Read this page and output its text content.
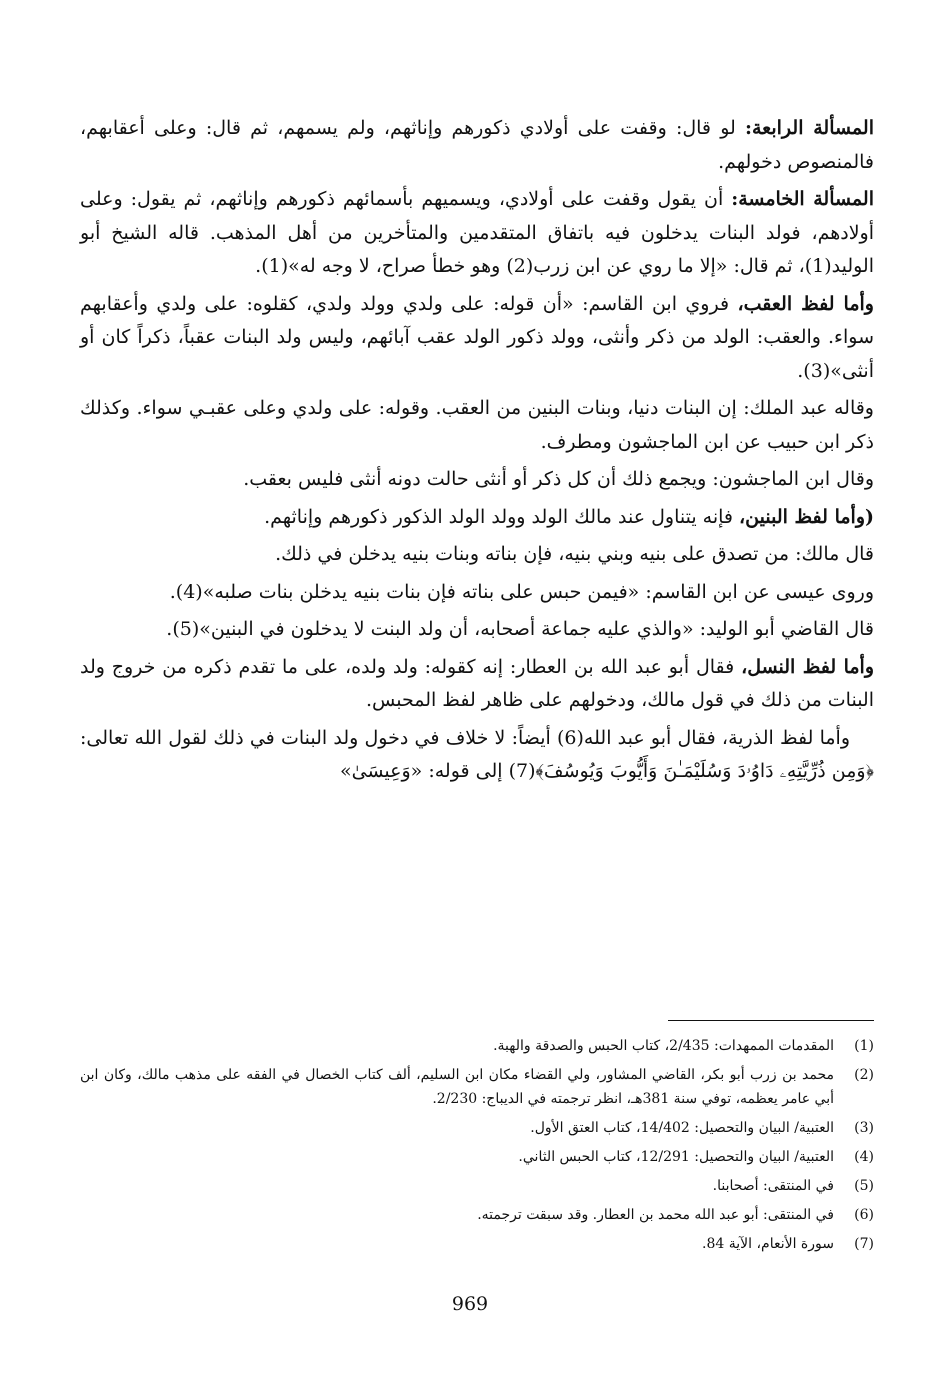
المسألة الرابعة: لو قال: وقفت على أولادي ذكورهم وإناثهم، ولم يسمهم، ثم قال: وعلى أعقابهم، فالمنصوص دخولهم.

المسألة الخامسة: أن يقول وقفت على أولادي، ويسميهم بأسمائهم ذكورهم وإناثهم، ثم يقول: وعلى أولادهم، فولد البنات يدخلون فيه باتفاق المتقدمين والمتأخرين من أهل المذهب. قاله الشيخ أبو الوليد(1)، ثم قال: «إلا ما روي عن ابن زرب(2) وهو خطأ صراح، لا وجه له»(1).

وأما لفظ العقب، فروي ابن القاسم: «أن قوله: على ولدي وولد ولدي، كقلوه: على ولدي وأعقابهم سواء. والعقب: الولد من ذكر وأنثى، وولد ذكور الولد عقب آبائهم، وليس ولد البنات عقباً، ذكراً كان أو أنثى»(3).

وقاله عبد الملك: إن البنات دنيا، وبنات البنين من العقب. وقوله: على ولدي وعلى عقبـي سواء. وكذلك ذكر ابن حبيب عن ابن الماجشون ومطرف.

وقال ابن الماجشون: ويجمع ذلك أن كل ذكر أو أنثى حالت دونه أنثى فليس بعقب.

(وأما لفظ البنين، فإنه يتناول عند مالك الولد وولد الولد الذكور ذكورهم وإناثهم.

قال مالك: من تصدق على بنيه وبني بنيه، فإن بناته وبنات بنيه يدخلن في ذلك.

وروى عيسى عن ابن القاسم: «فيمن حبس على بناته فإن بنات بنيه يدخلن بنات صلبه»(4).

قال القاضي أبو الوليد: «والذي عليه جماعة أصحابه، أن ولد البنت لا يدخلون في البنين»(5).

وأما لفظ النسل، فقال أبو عبد الله بن العطار: إنه كقوله: ولد ولده، على ما تقدم ذكره من خروج ولد البنات من ذلك في قول مالك، ودخولهم على ظاهر لفظ المحبس.

وأما لفظ الذرية، فقال أبو عبد الله(6) أيضاً: لا خلاف في دخول ولد البنات في ذلك لقول الله تعالى: ﴿وَمِن ذُرِّيَّتِهِۦ دَاوُۥدَ وَسُلَيْمَـٰنَ وَأَيُّوبَ وَيُوسُفَ﴾(7) إلى قوله: «وَعِيسَىٰ»

(1)
المقدمات الممهدات: 2/435، كتاب الحبس والصدقة والهبة.
(2)
محمد بن زرب أبو بكر، القاضي المشاور، ولي القضاء مكان ابن السليم، ألف كتاب الخصال في الفقه على مذهب مالك، وكان ابن أبي عامر يعظمه، توفي سنة 381هـ، انظر ترجمته في الديباج: 2/230.
(3)
العتبية/ البيان والتحصيل: 14/402، كتاب العتق الأول.
(4)
العتبية/ البيان والتحصيل: 12/291، كتاب الحبس الثاني.
(5)
في المنتقى: أصحابنا.
(6)
في المنتقى: أبو عبد الله محمد بن العطار. وقد سبقت ترجمته.
(7)
سورة الأنعام، الآية 84.
969
